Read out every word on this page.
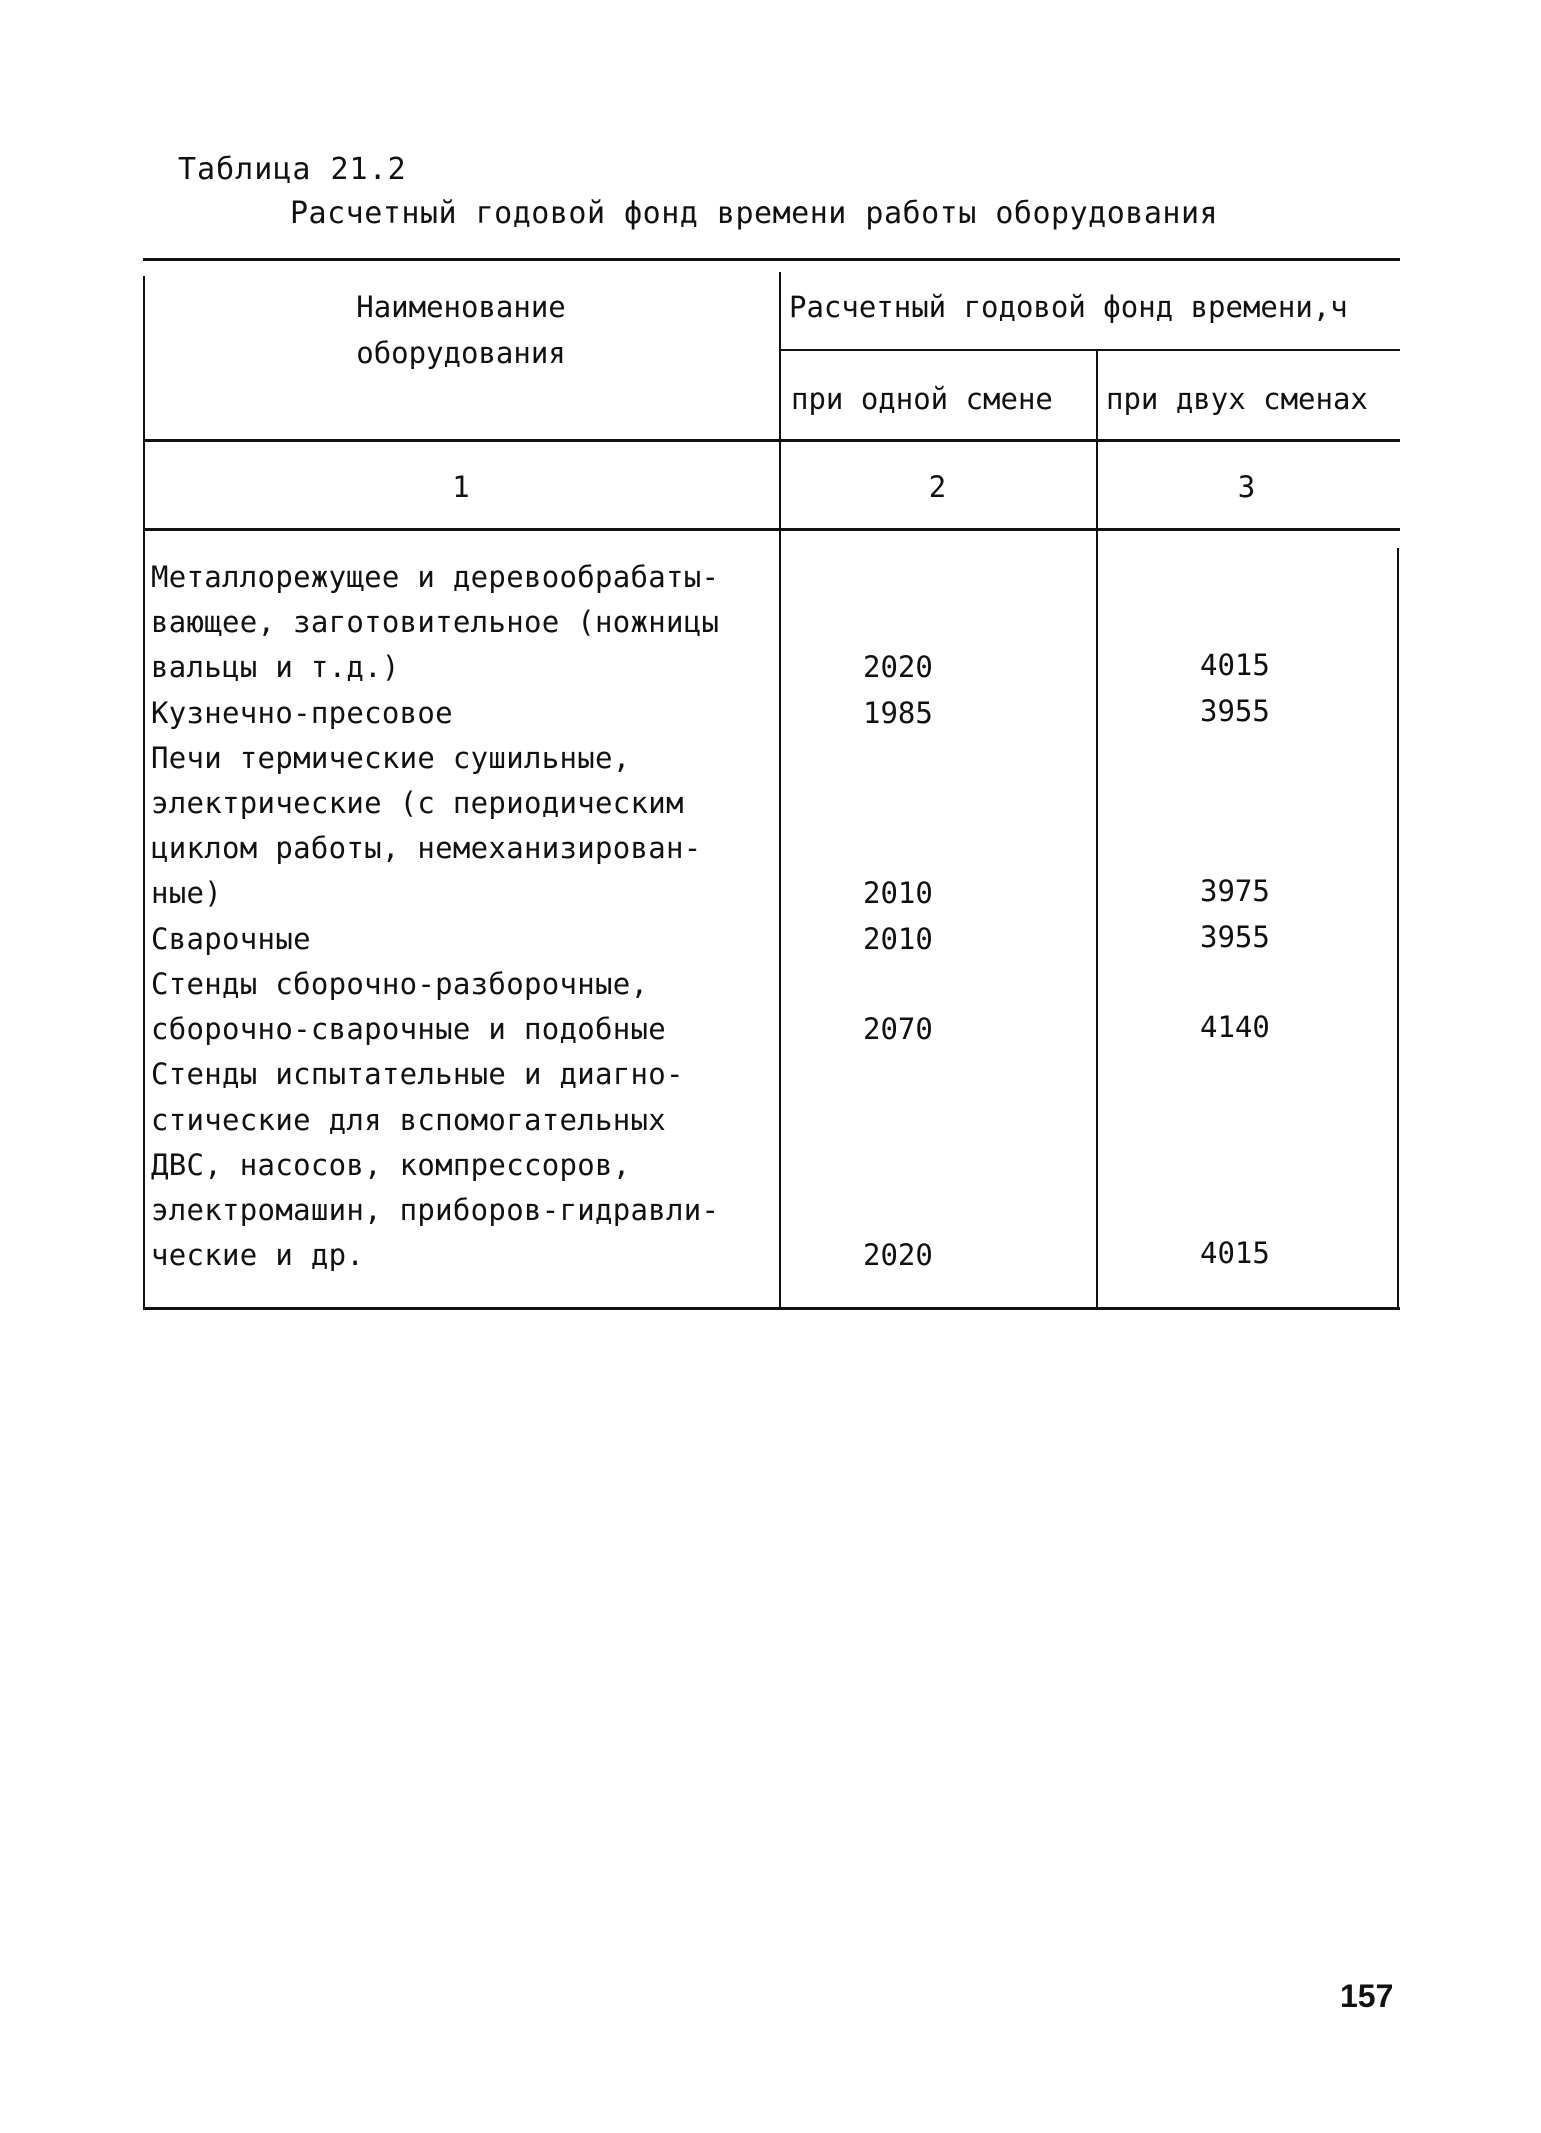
Таблица 21.2
Расчетный годовой фонд времени работы оборудования
Наименование
оборудования
Расчетный годовой фонд времени,ч
при одной смене при двух сменах
1	2	3
Металлорежущее и деревообрабаты-
вающее, заготовительное (ножницы
вальцы и т.д.)
Кузнечно-пресовое
Печи термические сушильные,
электрические (с периодическим
циклом работы, немеханизирован-
ные)
Сварочные
Стенды сборочно-разборочные,
сборочно-сварочные и подобные
Стенды испытательные и диагно-
стические для вспомогательных
ДВС, насосов, компрессоров,
электромашин, приборов-гидравли-
ческие и др.
2020
1985
2010
2010
2070
2020
4015
3955
3975
3955
4140
4015
157
